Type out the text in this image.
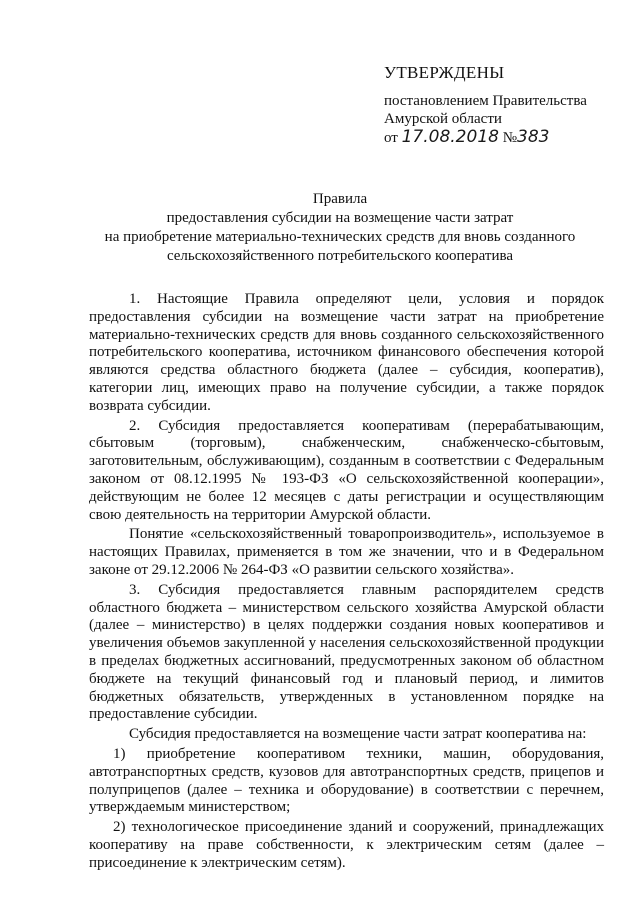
УТВЕРЖДЕНЫ
постановлением Правительства
Амурской области
от 17.08.2018 №383
Правила
предоставления субсидии на возмещение части затрат
на приобретение материально-технических средств для вновь созданного
сельскохозяйственного потребительского кооператива

1. Настоящие Правила определяют цели, условия и порядок предоставления субсидии на возмещение части затрат на приобретение материально-технических средств для вновь созданного сельскохозяйственного потребительского кооператива, источником финансового обеспечения которой являются средства областного бюджета (далее – субсидия, кооператив), категории лиц, имеющих право на получение субсидии, а также порядок возврата субсидии.

2. Субсидия предоставляется кооперативам (перерабатывающим, сбытовым (торговым), снабженческим, снабженческо-сбытовым, заготовительным, обслуживающим), созданным в соответствии с Федеральным законом от 08.12.1995 № 193-ФЗ «О сельскохозяйственной кооперации», действующим не более 12 месяцев с даты регистрации и осуществляющим свою деятельность на территории Амурской области.

Понятие «сельскохозяйственный товаропроизводитель», используемое в настоящих Правилах, применяется в том же значении, что и в Федеральном законе от 29.12.2006 № 264-ФЗ «О развитии сельского хозяйства».

3. Субсидия предоставляется главным распорядителем средств областного бюджета – министерством сельского хозяйства Амурской области (далее – министерство) в целях поддержки создания новых кооперативов и увеличения объемов закупленной у населения сельскохозяйственной продукции в пределах бюджетных ассигнований, предусмотренных законом об областном бюджете на текущий финансовый год и плановый период, и лимитов бюджетных обязательств, утвержденных в установленном порядке на предоставление субсидии.

Субсидия предоставляется на возмещение части затрат кооператива на:

1) приобретение кооперативом техники, машин, оборудования, автотранспортных средств, кузовов для автотранспортных средств, прицепов и полуприцепов (далее – техника и оборудование) в соответствии с перечнем, утверждаемым министерством;

2) технологическое присоединение зданий и сооружений, принадлежащих кооперативу на праве собственности, к электрическим сетям (далее – присоединение к электрическим сетям).
